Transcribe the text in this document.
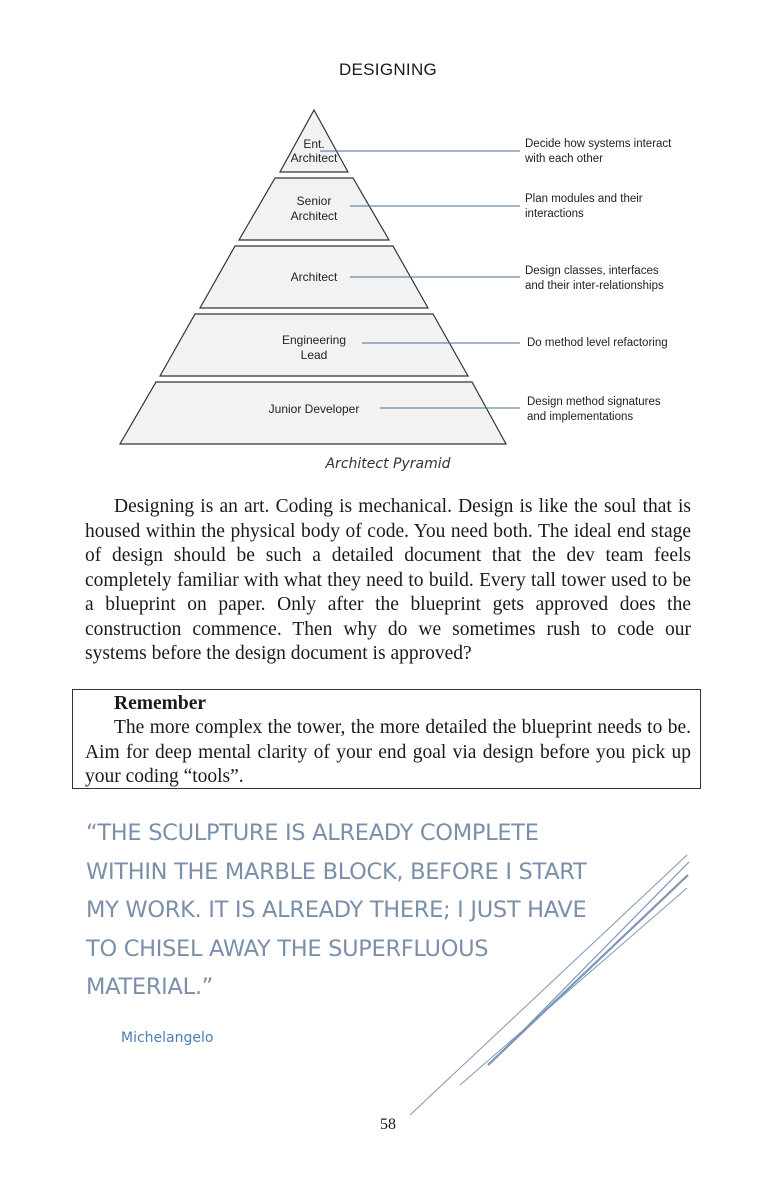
DESIGNING
Ent.
Architect
Decide how systems interact
with each other
Senior
Architect
Plan modules and their
interactions
Architect	Design classes, interfaces
and their inter-relationships
Engineering
Lead
Do method level refactoring
Junior Developer	Design method signatures
and implementations
Architect Pyramid

Designing is an art. Coding is mechanical. Design is like the soul that is housed within the physical body of code. You need both. The ideal end stage of design should be such a detailed document that the dev team feels completely familiar with what they need to build. Every tall tower used to be a blueprint on paper. Only after the blueprint gets approved does the construction commence. Then why do we sometimes rush to code our systems before the design document is approved?

Remember

The more complex the tower, the more detailed the blueprint needs to be. Aim for deep mental clarity of your end goal via design before you pick up your coding “tools”.

“THE SCULPTURE IS ALREADY COMPLETE WITHIN THE MARBLE BLOCK, BEFORE I START MY WORK. IT IS ALREADY THERE; I JUST HAVE TO CHISEL AWAY THE SUPERFLUOUS MATERIAL.”

Michelangelo
58
